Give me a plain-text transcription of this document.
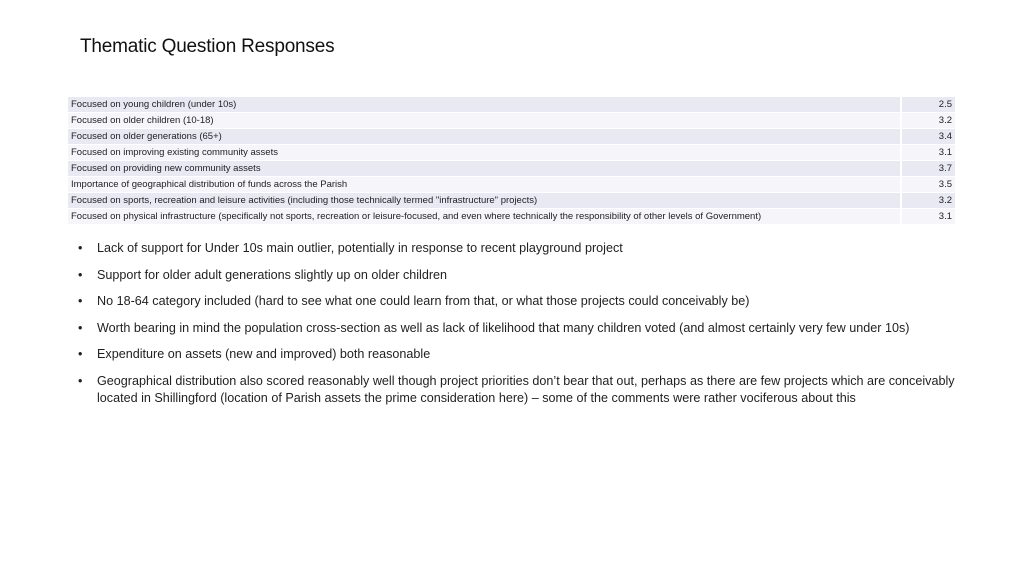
Thematic Question Responses
Focused on young children (under 10s)	2.5
Focused on older children (10-18)	3.2
Focused on older generations (65+)	3.4
Focused on improving existing community assets	3.1
Focused on providing new community assets	3.7
Importance of geographical distribution of funds across the Parish	3.5
Focused on sports, recreation and leisure activities (including those technically termed "infrastructure" projects)	3.2
Focused on physical infrastructure (specifically not sports, recreation or leisure-focused, and even where technically the responsibility of other levels of Government)	3.1
• Lack of support for Under 10s main outlier, potentially in response to recent playground project
• Support for older adult generations slightly up on older children
• No 18-64 category included (hard to see what one could learn from that, or what those projects could conceivably be)
• Worth bearing in mind the population cross-section as well as lack of likelihood that many children voted (and almost certainly very few under 10s)
• Expenditure on assets (new and improved) both reasonable
• Geographical distribution also scored reasonably well though project priorities don’t bear that out, perhaps as there are few projects which are conceivably located in Shillingford (location of Parish assets the prime consideration here) – some of the comments were rather vociferous about this
